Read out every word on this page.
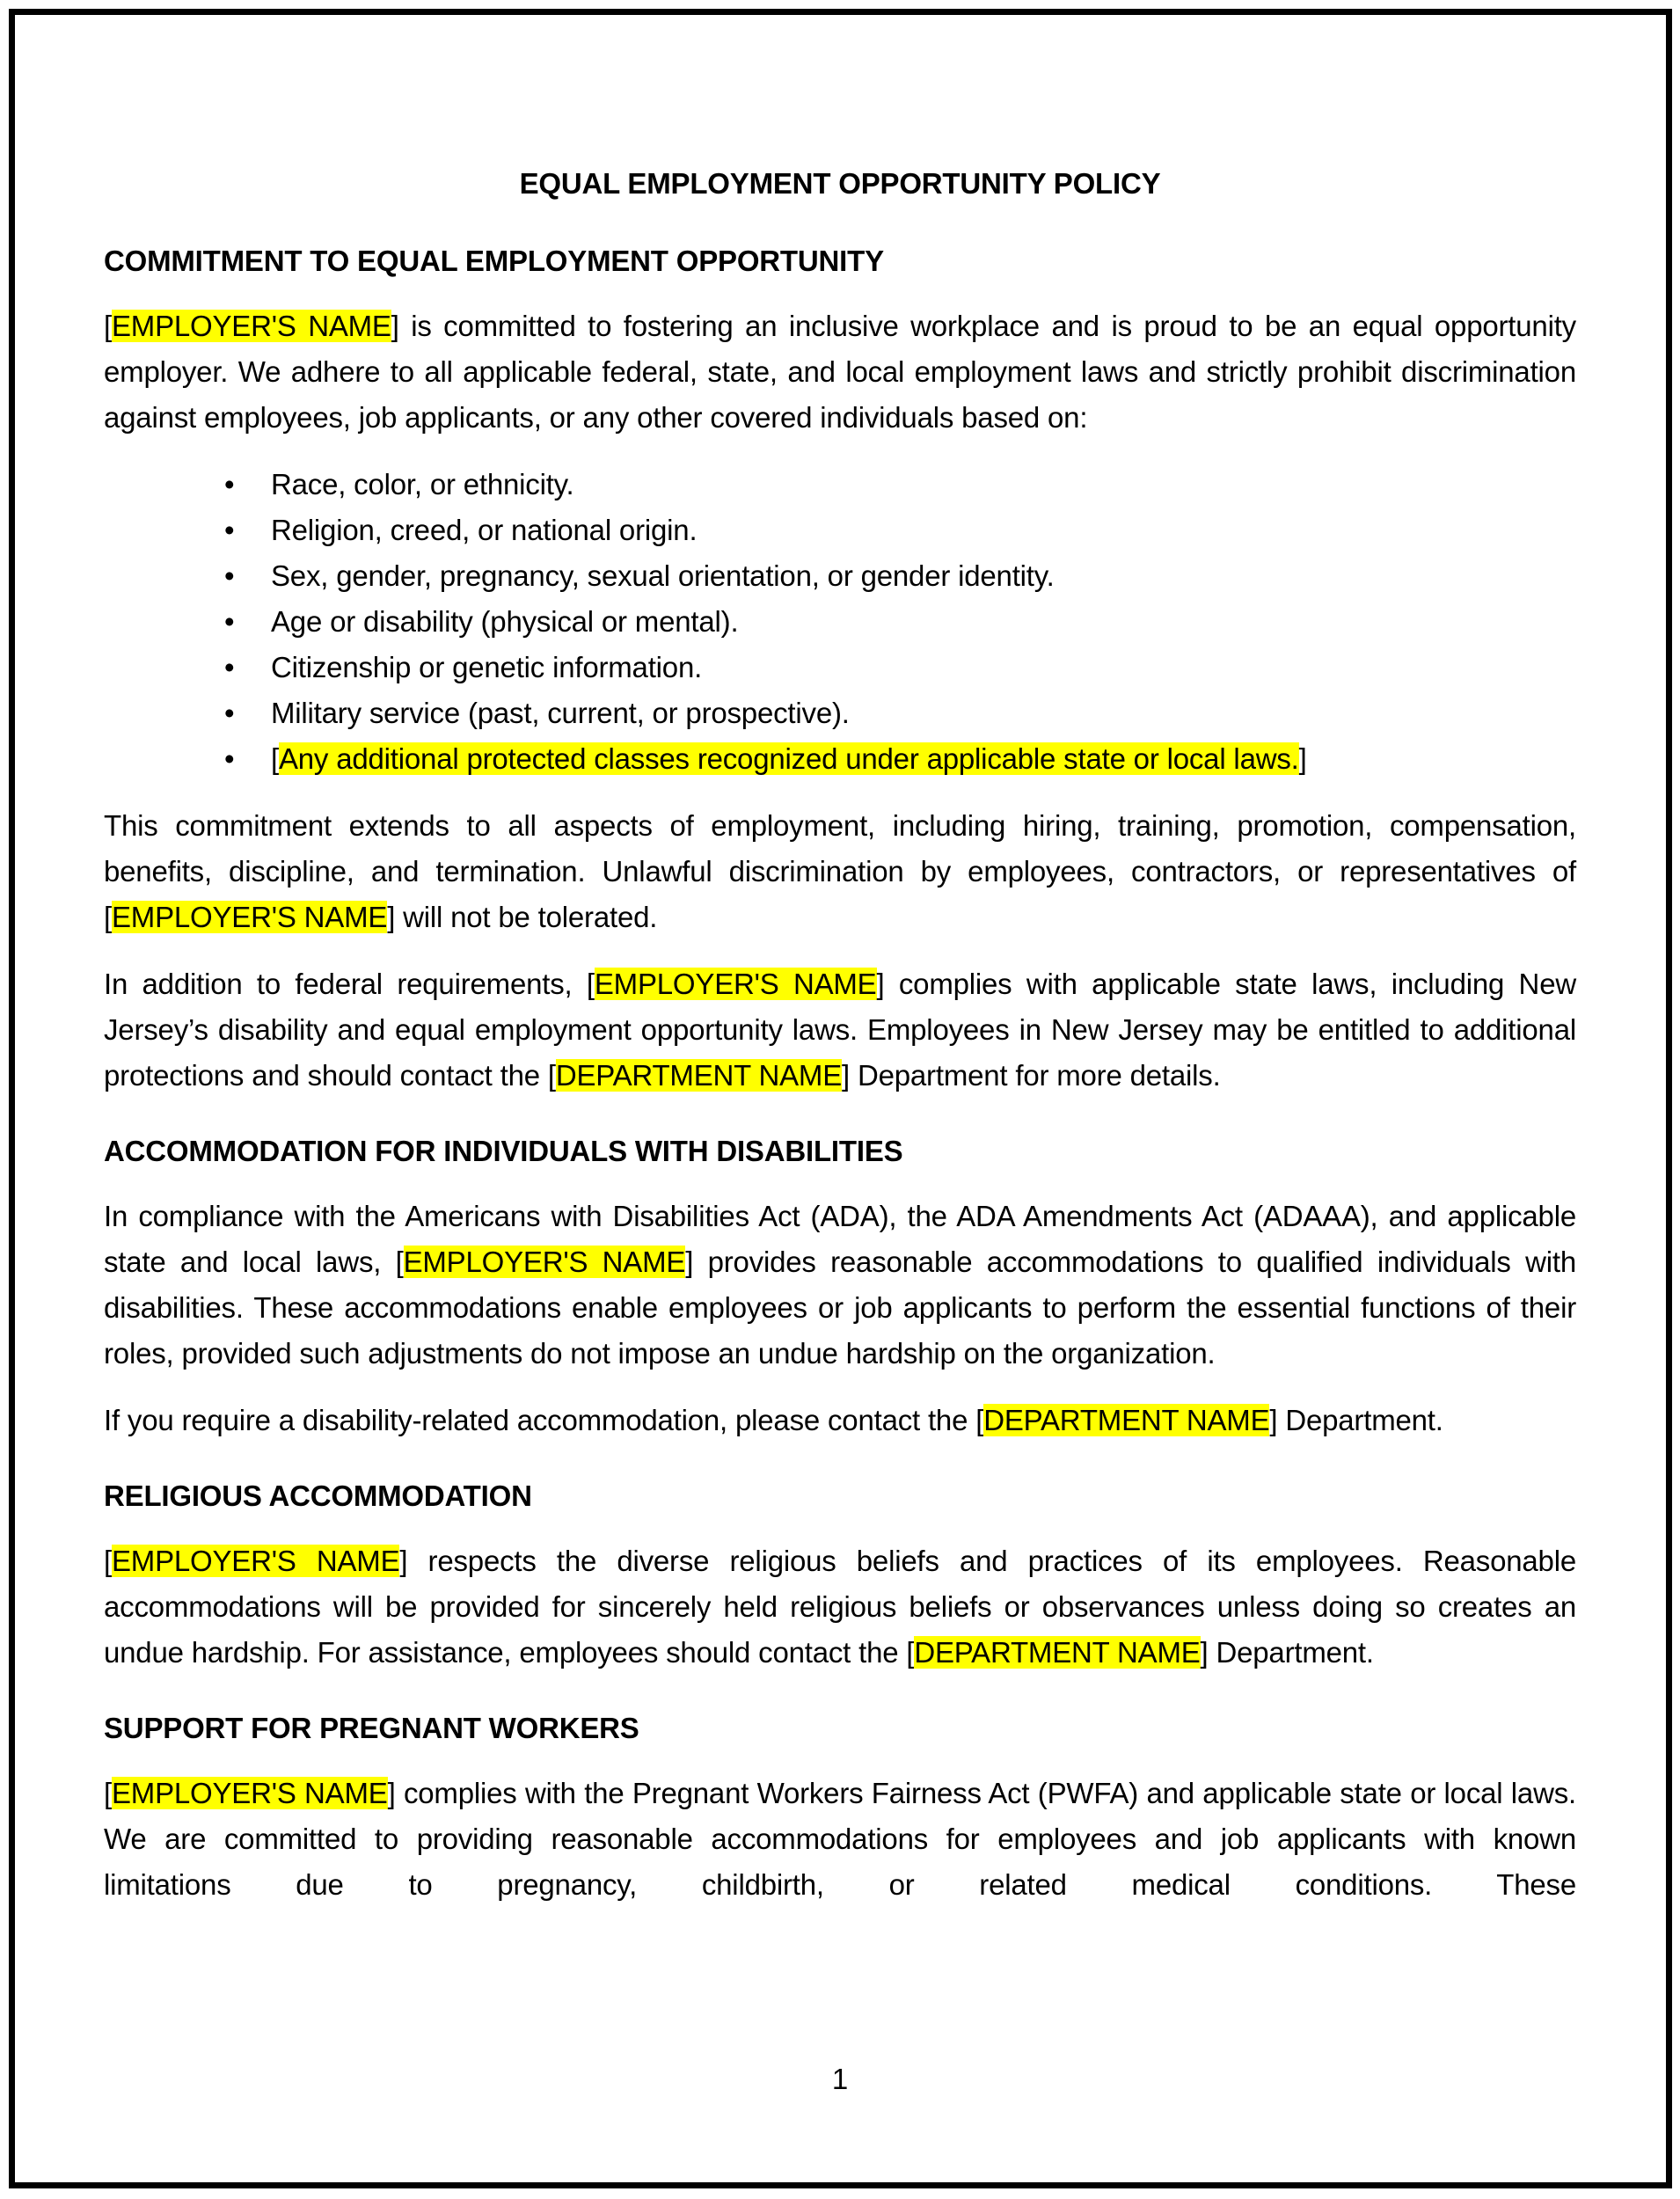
EQUAL EMPLOYMENT OPPORTUNITY POLICY
COMMITMENT TO EQUAL EMPLOYMENT OPPORTUNITY

[EMPLOYER'S NAME] is committed to fostering an inclusive workplace and is proud to be an equal opportunity employer. We adhere to all applicable federal, state, and local employment laws and strictly prohibit discrimination against employees, job applicants, or any other covered individuals based on:

• Race, color, or ethnicity.
• Religion, creed, or national origin.
• Sex, gender, pregnancy, sexual orientation, or gender identity.
• Age or disability (physical or mental).
• Citizenship or genetic information.
• Military service (past, current, or prospective).
• [Any additional protected classes recognized under applicable state or local laws.]

This commitment extends to all aspects of employment, including hiring, training, promotion, compensation, benefits, discipline, and termination. Unlawful discrimination by employees, contractors, or representatives of [EMPLOYER'S NAME] will not be tolerated.

In addition to federal requirements, [EMPLOYER'S NAME] complies with applicable state laws, including New Jersey’s disability and equal employment opportunity laws. Employees in New Jersey may be entitled to additional protections and should contact the [DEPARTMENT NAME] Department for more details.

ACCOMMODATION FOR INDIVIDUALS WITH DISABILITIES

In compliance with the Americans with Disabilities Act (ADA), the ADA Amendments Act (ADAAA), and applicable state and local laws, [EMPLOYER'S NAME] provides reasonable accommodations to qualified individuals with disabilities. These accommodations enable employees or job applicants to perform the essential functions of their roles, provided such adjustments do not impose an undue hardship on the organization.

If you require a disability-related accommodation, please contact the [DEPARTMENT NAME] Department.

RELIGIOUS ACCOMMODATION

[EMPLOYER'S NAME] respects the diverse religious beliefs and practices of its employees. Reasonable accommodations will be provided for sincerely held religious beliefs or observances unless doing so creates an undue hardship. For assistance, employees should contact the [DEPARTMENT NAME] Department.

SUPPORT FOR PREGNANT WORKERS

[EMPLOYER'S NAME] complies with the Pregnant Workers Fairness Act (PWFA) and applicable state or local laws. We are committed to providing reasonable accommodations for employees and job applicants with known limitations due to pregnancy, childbirth, or related medical conditions. These

1
